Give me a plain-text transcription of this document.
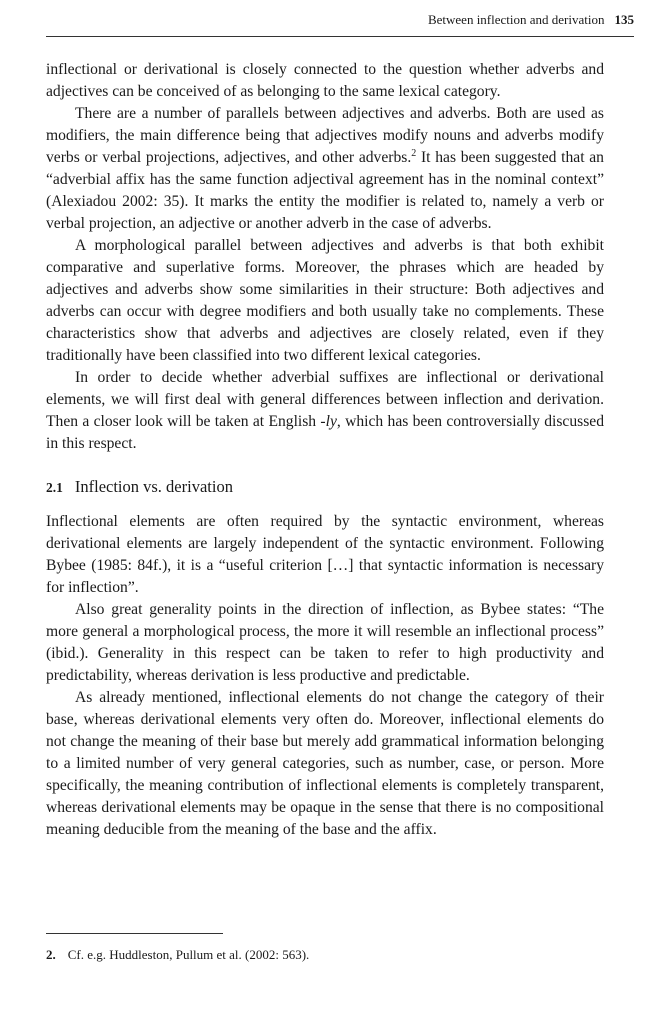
Between inflection and derivation 135

inflectional or derivational is closely connected to the question whether adverbs and adjectives can be conceived of as belonging to the same lexical category.

There are a number of parallels between adjectives and adverbs. Both are used as modifiers, the main difference being that adjectives modify nouns and adverbs modify verbs or verbal projections, adjectives, and other adverbs.$^2$ It has been suggested that an “adverbial affix has the same function adjectival agreement has in the nominal context” (Alexiadou 2002: 35). It marks the entity the modifier is related to, namely a verb or verbal projection, an adjective or another adverb in the case of adverbs.

A morphological parallel between adjectives and adverbs is that both exhibit comparative and superlative forms. Moreover, the phrases which are headed by adjectives and adverbs show some similarities in their structure: Both adjectives and adverbs can occur with degree modifiers and both usually take no complements. These characteristics show that adverbs and adjectives are closely related, even if they traditionally have been classified into two different lexical categories.

In order to decide whether adverbial suffixes are inflectional or derivational elements, we will first deal with general differences between inflection and derivation. Then a closer look will be taken at English -ly, which has been controversially discussed in this respect.

2.1 Inflection vs. derivation

Inflectional elements are often required by the syntactic environment, whereas derivational elements are largely independent of the syntactic environment. Following Bybee (1985: 84f.), it is a “useful criterion […] that syntactic information is necessary for inflection”.

Also great generality points in the direction of inflection, as Bybee states: “The more general a morphological process, the more it will resemble an inflectional process” (ibid.). Generality in this respect can be taken to refer to high productivity and predictability, whereas derivation is less productive and predictable.

As already mentioned, inflectional elements do not change the category of their base, whereas derivational elements very often do. Moreover, inflectional elements do not change the meaning of their base but merely add grammatical information belonging to a limited number of very general categories, such as number, case, or person. More specifically, the meaning contribution of inflectional elements is completely transparent, whereas derivational elements may be opaque in the sense that there is no compositional meaning deducible from the meaning of the base and the affix.

2. Cf. e.g. Huddleston, Pullum et al. (2002: 563).
